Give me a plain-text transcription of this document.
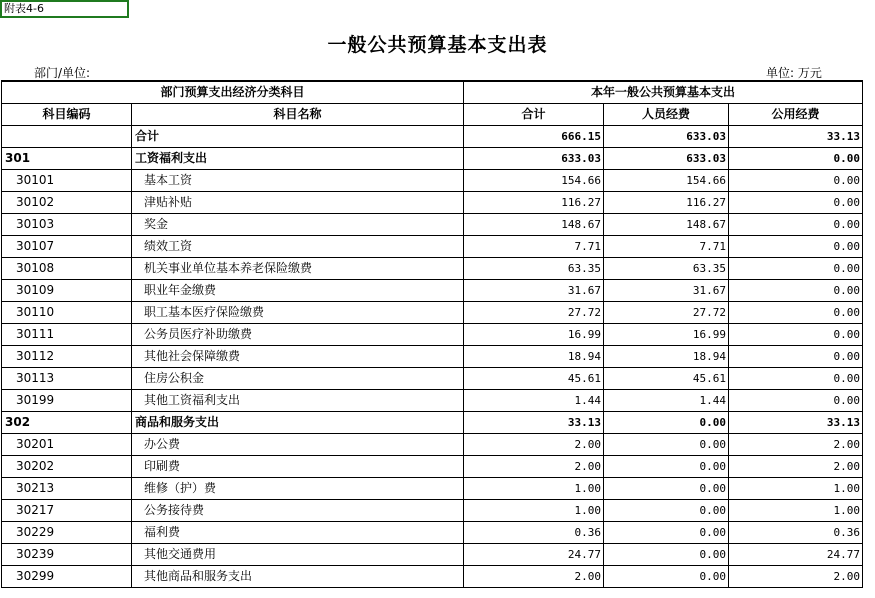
附表4-6
一般公共预算基本支出表
部门/单位:	单位: 万元
部门预算支出经济分类科目		本年一般公共预算基本支出		
科目编码	科目名称	合计	人员经费	公用经费
	合计	666.15	633.03	33.13
301	工资福利支出	633.03	633.03	0.00
30101	基本工资	154.66	154.66	0.00
30102	津贴补贴	116.27	116.27	0.00
30103	奖金	148.67	148.67	0.00
30107	绩效工资	7.71	7.71	0.00
30108	机关事业单位基本养老保险缴费	63.35	63.35	0.00
30109	职业年金缴费	31.67	31.67	0.00
30110	职工基本医疗保险缴费	27.72	27.72	0.00
30111	公务员医疗补助缴费	16.99	16.99	0.00
30112	其他社会保障缴费	18.94	18.94	0.00
30113	住房公积金	45.61	45.61	0.00
30199	其他工资福利支出	1.44	1.44	0.00
302	商品和服务支出	33.13	0.00	33.13
30201	办公费	2.00	0.00	2.00
30202	印刷费	2.00	0.00	2.00
30213	维修（护）费	1.00	0.00	1.00
30217	公务接待费	1.00	0.00	1.00
30229	福利费	0.36	0.00	0.36
30239	其他交通费用	24.77	0.00	24.77
30299	其他商品和服务支出	2.00	0.00	2.00
